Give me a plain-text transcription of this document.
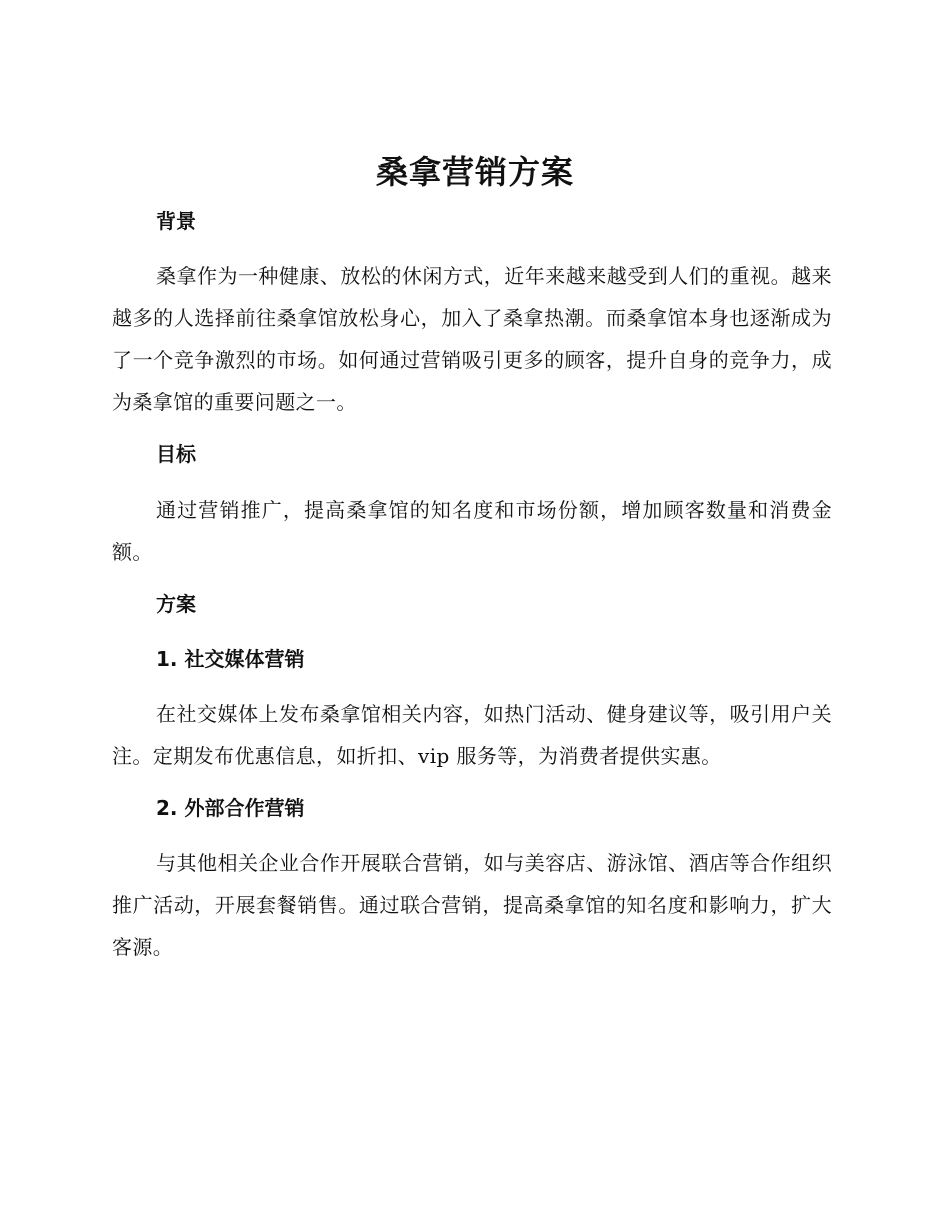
桑拿营销方案
背景

桑拿作为一种健康、放松的休闲方式，近年来越来越受到人们的重视。越来越多的人选择前往桑拿馆放松身心，加入了桑拿热潮。而桑拿馆本身也逐渐成为了一个竞争激烈的市场。如何通过营销吸引更多的顾客，提升自身的竞争力，成为桑拿馆的重要问题之一。

目标

通过营销推广，提高桑拿馆的知名度和市场份额，增加顾客数量和消费金额。

方案
1. 社交媒体营销

在社交媒体上发布桑拿馆相关内容，如热门活动、健身建议等，吸引用户关注。定期发布优惠信息，如折扣、vip 服务等，为消费者提供实惠。

2. 外部合作营销

与其他相关企业合作开展联合营销，如与美容店、游泳馆、酒店等合作组织推广活动，开展套餐销售。通过联合营销，提高桑拿馆的知名度和影响力，扩大客源。
